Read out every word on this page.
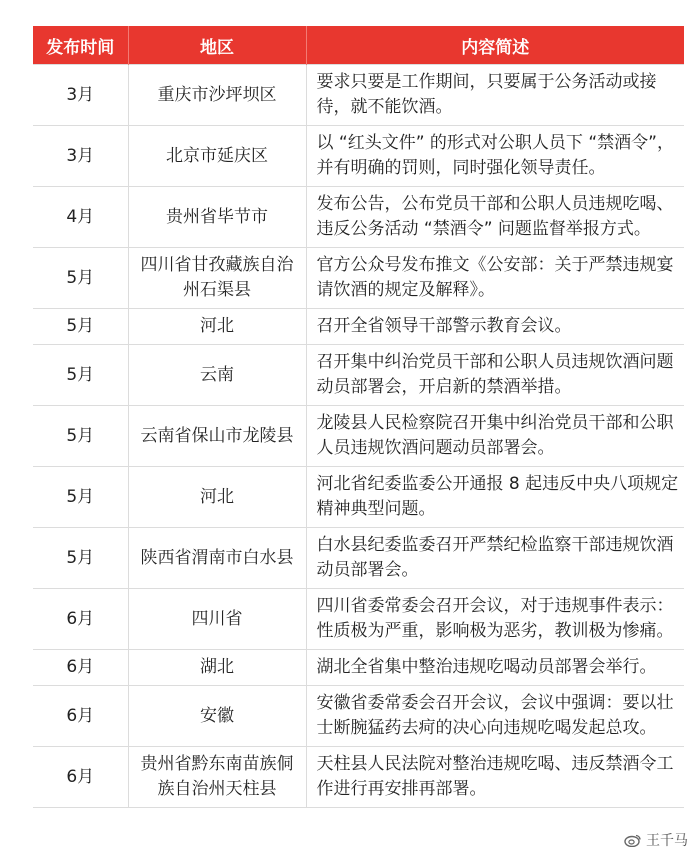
发布时间	地区	内容简述
3月	重庆市沙坪坝区	要求只要是工作期间，只要属于公务活动或接待，就不能饮酒。
3月	北京市延庆区	以 “红头文件” 的形式对公职人员下 “禁酒令”，并有明确的罚则，同时强化领导责任。
4月	贵州省毕节市	发布公告，公布党员干部和公职人员违规吃喝、违反公务活动 “禁酒令” 问题监督举报方式。
5月	四川省甘孜藏族自治州石渠县	官方公众号发布推文《公安部：关于严禁违规宴请饮酒的规定及解释》。
5月	河北	召开全省领导干部警示教育会议。
5月	云南	召开集中纠治党员干部和公职人员违规饮酒问题动员部署会，开启新的禁酒举措。
5月	云南省保山市龙陵县	龙陵县人民检察院召开集中纠治党员干部和公职人员违规饮酒问题动员部署会。
5月	河北	河北省纪委监委公开通报 8 起违反中央八项规定精神典型问题。
5月	陕西省渭南市白水县	白水县纪委监委召开严禁纪检监察干部违规饮酒动员部署会。
6月	四川省	四川省委常委会召开会议，对于违规事件表示：性质极为严重，影响极为恶劣，教训极为惨痛。
6月	湖北	湖北全省集中整治违规吃喝动员部署会举行。
6月	安徽	安徽省委常委会召开会议，会议中强调：要以壮士断腕猛药去疴的决心向违规吃喝发起总攻。
6月	贵州省黔东南苗族侗族自治州天柱县	天柱县人民法院对整治违规吃喝、违反禁酒令工作进行再安排再部署。
王千马
